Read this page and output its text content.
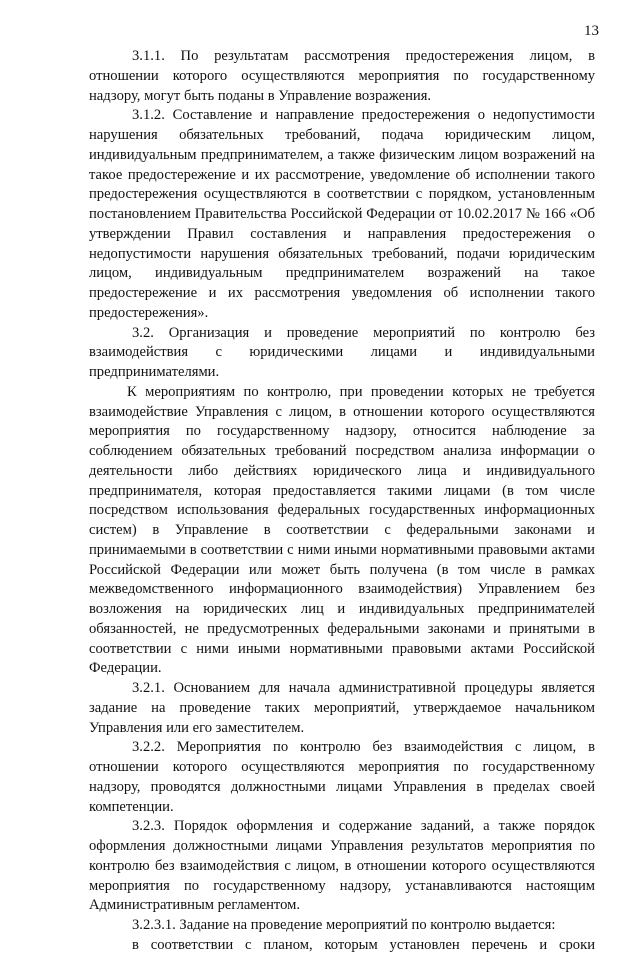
13

3.1.1. По результатам рассмотрения предостережения лицом, в отношении которого осуществляются мероприятия по государственному надзору, могут быть поданы в Управление возражения.

3.1.2. Составление и направление предостережения о недопустимости нарушения обязательных требований, подача юридическим лицом, индивидуальным предпринимателем, а также физическим лицом возражений на такое предостережение и их рассмотрение, уведомление об исполнении такого предостережения осуществляются в соответствии с порядком, установленным постановлением Правительства Российской Федерации от 10.02.2017 № 166 «Об утверждении Правил составления и направления предостережения о недопустимости нарушения обязательных требований, подачи юридическим лицом, индивидуальным предпринимателем возражений на такое предостережение и их рассмотрения уведомления об исполнении такого предостережения».

3.2. Организация и проведение мероприятий по контролю без взаимодействия с юридическими лицами и индивидуальными предпринимателями.

К мероприятиям по контролю, при проведении которых не требуется взаимодействие Управления с лицом, в отношении которого осуществляются мероприятия по государственному надзору, относится наблюдение за соблюдением обязательных требований посредством анализа информации о деятельности либо действиях юридического лица и индивидуального предпринимателя, которая предоставляется такими лицами (в том числе посредством использования федеральных государственных информационных систем) в Управление в соответствии с федеральными законами и принимаемыми в соответствии с ними иными нормативными правовыми актами Российской Федерации или может быть получена (в том числе в рамках межведомственного информационного взаимодействия) Управлением без возложения на юридических лиц и индивидуальных предпринимателей обязанностей, не предусмотренных федеральными законами и принятыми в соответствии с ними иными нормативными правовыми актами Российской Федерации.

3.2.1. Основанием для начала административной процедуры является задание на проведение таких мероприятий, утверждаемое начальником Управления или его заместителем.

3.2.2. Мероприятия по контролю без взаимодействия с лицом, в отношении которого осуществляются мероприятия по государственному надзору, проводятся должностными лицами Управления в пределах своей компетенции.

3.2.3. Порядок оформления и содержание заданий, а также порядок оформления должностными лицами Управления результатов мероприятия по контролю без взаимодействия с лицом, в отношении которого осуществляются мероприятия по государственному надзору, устанавливаются настоящим Административным регламентом.

3.2.3.1. Задание на проведение мероприятий по контролю выдается:

в соответствии с планом, которым установлен перечень и сроки
